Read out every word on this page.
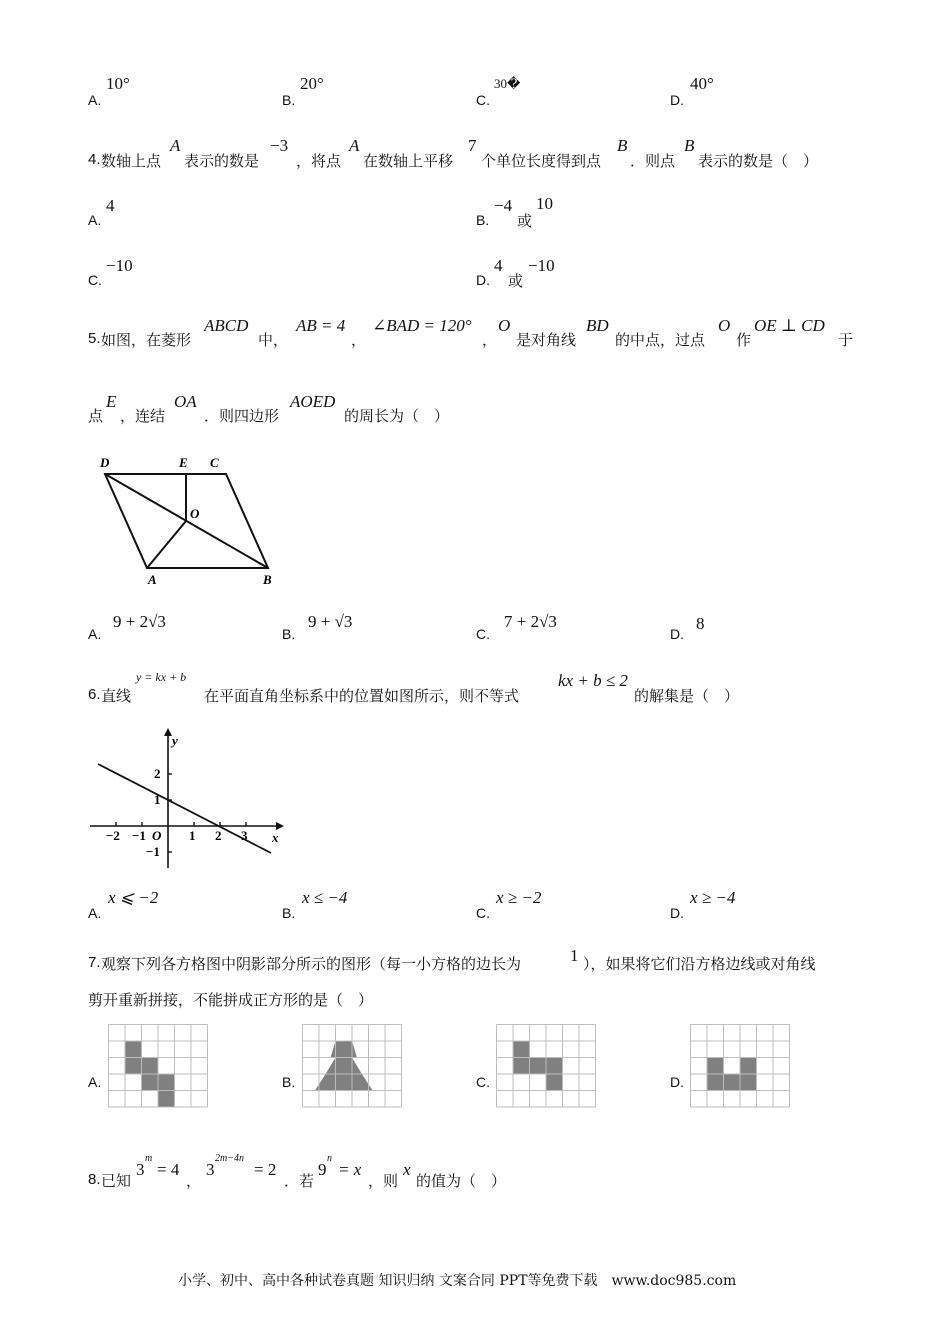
A.
10°
B.
20°
C.
30�
D.
40°
4. 数轴上点
A
表示的数是
−3
，将点
A
在数轴上平移
7
个单位长度得到点
B
．则点
B
表示的数是（　）
A.
4
B.
−4
或
10
C.
−10
D.
4
或
−10
5. 如图，在菱形
ABCD
中，
AB = 4
，
∠BAD = 120°
，
O
是对角线
BD
的中点，过点
O
作
OE ⊥ CD
于
点
E
，连结
OA
．则四边形
AOED
的周长为（　）
D	E C
O
A	B
A.
9 + 2√3
B.
9 + √3
C.
7 + 2√3
D.
8
6. 直线
y = kx + b
在平面直角坐标系中的位置如图所示，则不等式
kx + b ≤ 2
的解集是（　）
y
x
O
−2 −1	1 2 3
2
1
−1
A.
x ⩽ −2
B.
x ≤ −4
C.
x ≥ −2
D.
x ≥ −4
7. 观察下列各方格图中阴影部分所示的图形（每一小方格的边长为	1 ），如果将它们沿方格边线或对角线
剪开重新拼接，不能拼成正方形的是（　）
A.	B.	C.	D.
8. 已知
3
m
= 4
，
3
2m−4n
= 2
．若
9
n
= x
，则
x
的值为（　）
小学、初中、高中各种试卷真题 知识归纳 文案合同 PPT等免费下载　www.doc985.com
